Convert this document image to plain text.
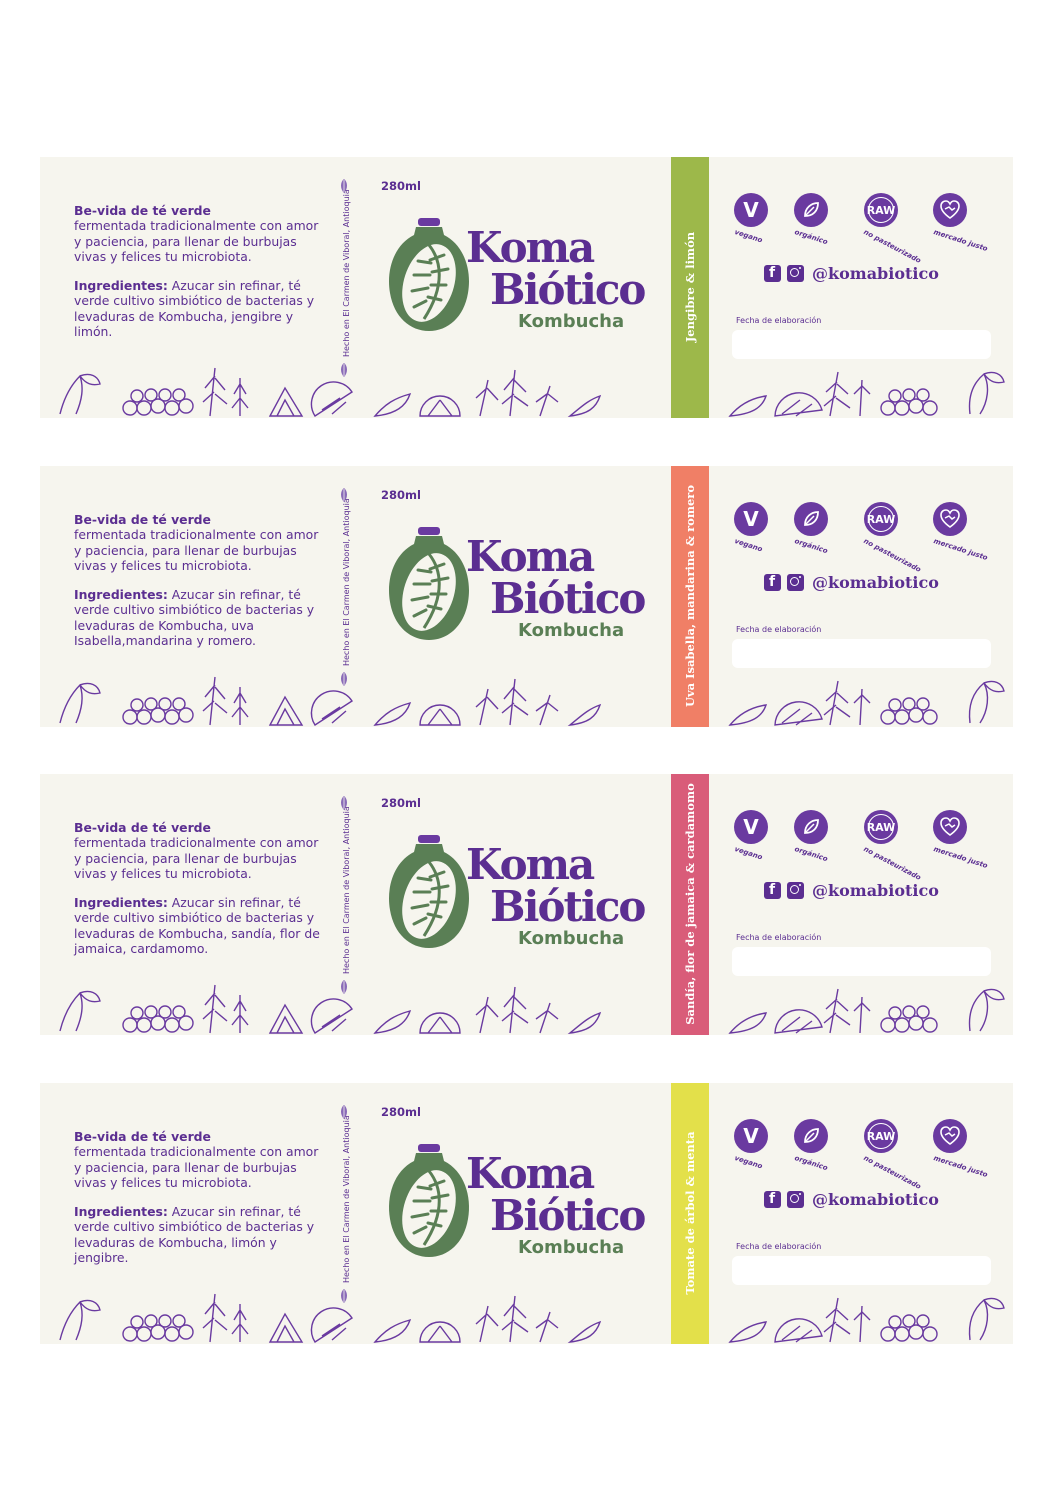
Be-vida de té verde
fermentada tradicionalmente con amor y paciencia, para llenar de burbujas vivas y felices tu microbiota.

Ingredientes: Azucar sin refinar, té verde cultivo simbiótico de bacterias y levaduras de Kombucha, jengibre y limón.	Hecho en El Carmen de Viboral, Antioquia
280ml
Koma
Biótico
Kombucha	Jengibre & limón
V
vegano	orgánico
RAW
no pasteurizado mercado justo
f @komabiotico
Fecha de elaboración

Be-vida de té verde
fermentada tradicionalmente con amor y paciencia, para llenar de burbujas vivas y felices tu microbiota.

Ingredientes: Azucar sin refinar, té verde cultivo simbiótico de bacterias y levaduras de Kombucha, uva Isabella,mandarina y romero.	Hecho en El Carmen de Viboral, Antioquia
280ml
Koma
Biótico
Kombucha	Uva Isabella, mandarina & romero	V
vegano	orgánico
RAW
no pasteurizado mercado justo
f @komabiotico
Fecha de elaboración

Be-vida de té verde
fermentada tradicionalmente con amor y paciencia, para llenar de burbujas vivas y felices tu microbiota.

Ingredientes: Azucar sin refinar, té verde cultivo simbiótico de bacterias y levaduras de Kombucha, sandía, flor de jamaica, cardamomo.	Hecho en El Carmen de Viboral, Antioquia
280ml
Koma
Biótico
Kombucha	Sandía, flor de jamaica & cardamomo	V
vegano	orgánico
RAW
no pasteurizado mercado justo
f @komabiotico
Fecha de elaboración

Be-vida de té verde
fermentada tradicionalmente con amor y paciencia, para llenar de burbujas vivas y felices tu microbiota.

Ingredientes: Azucar sin refinar, té verde cultivo simbiótico de bacterias y levaduras de Kombucha, limón y jengibre.	Hecho en El Carmen de Viboral, Antioquia
280ml
Koma
Biótico
Kombucha	Tomate de árbol & menta	V
vegano	orgánico
RAW
no pasteurizado mercado justo
f @komabiotico
Fecha de elaboración
